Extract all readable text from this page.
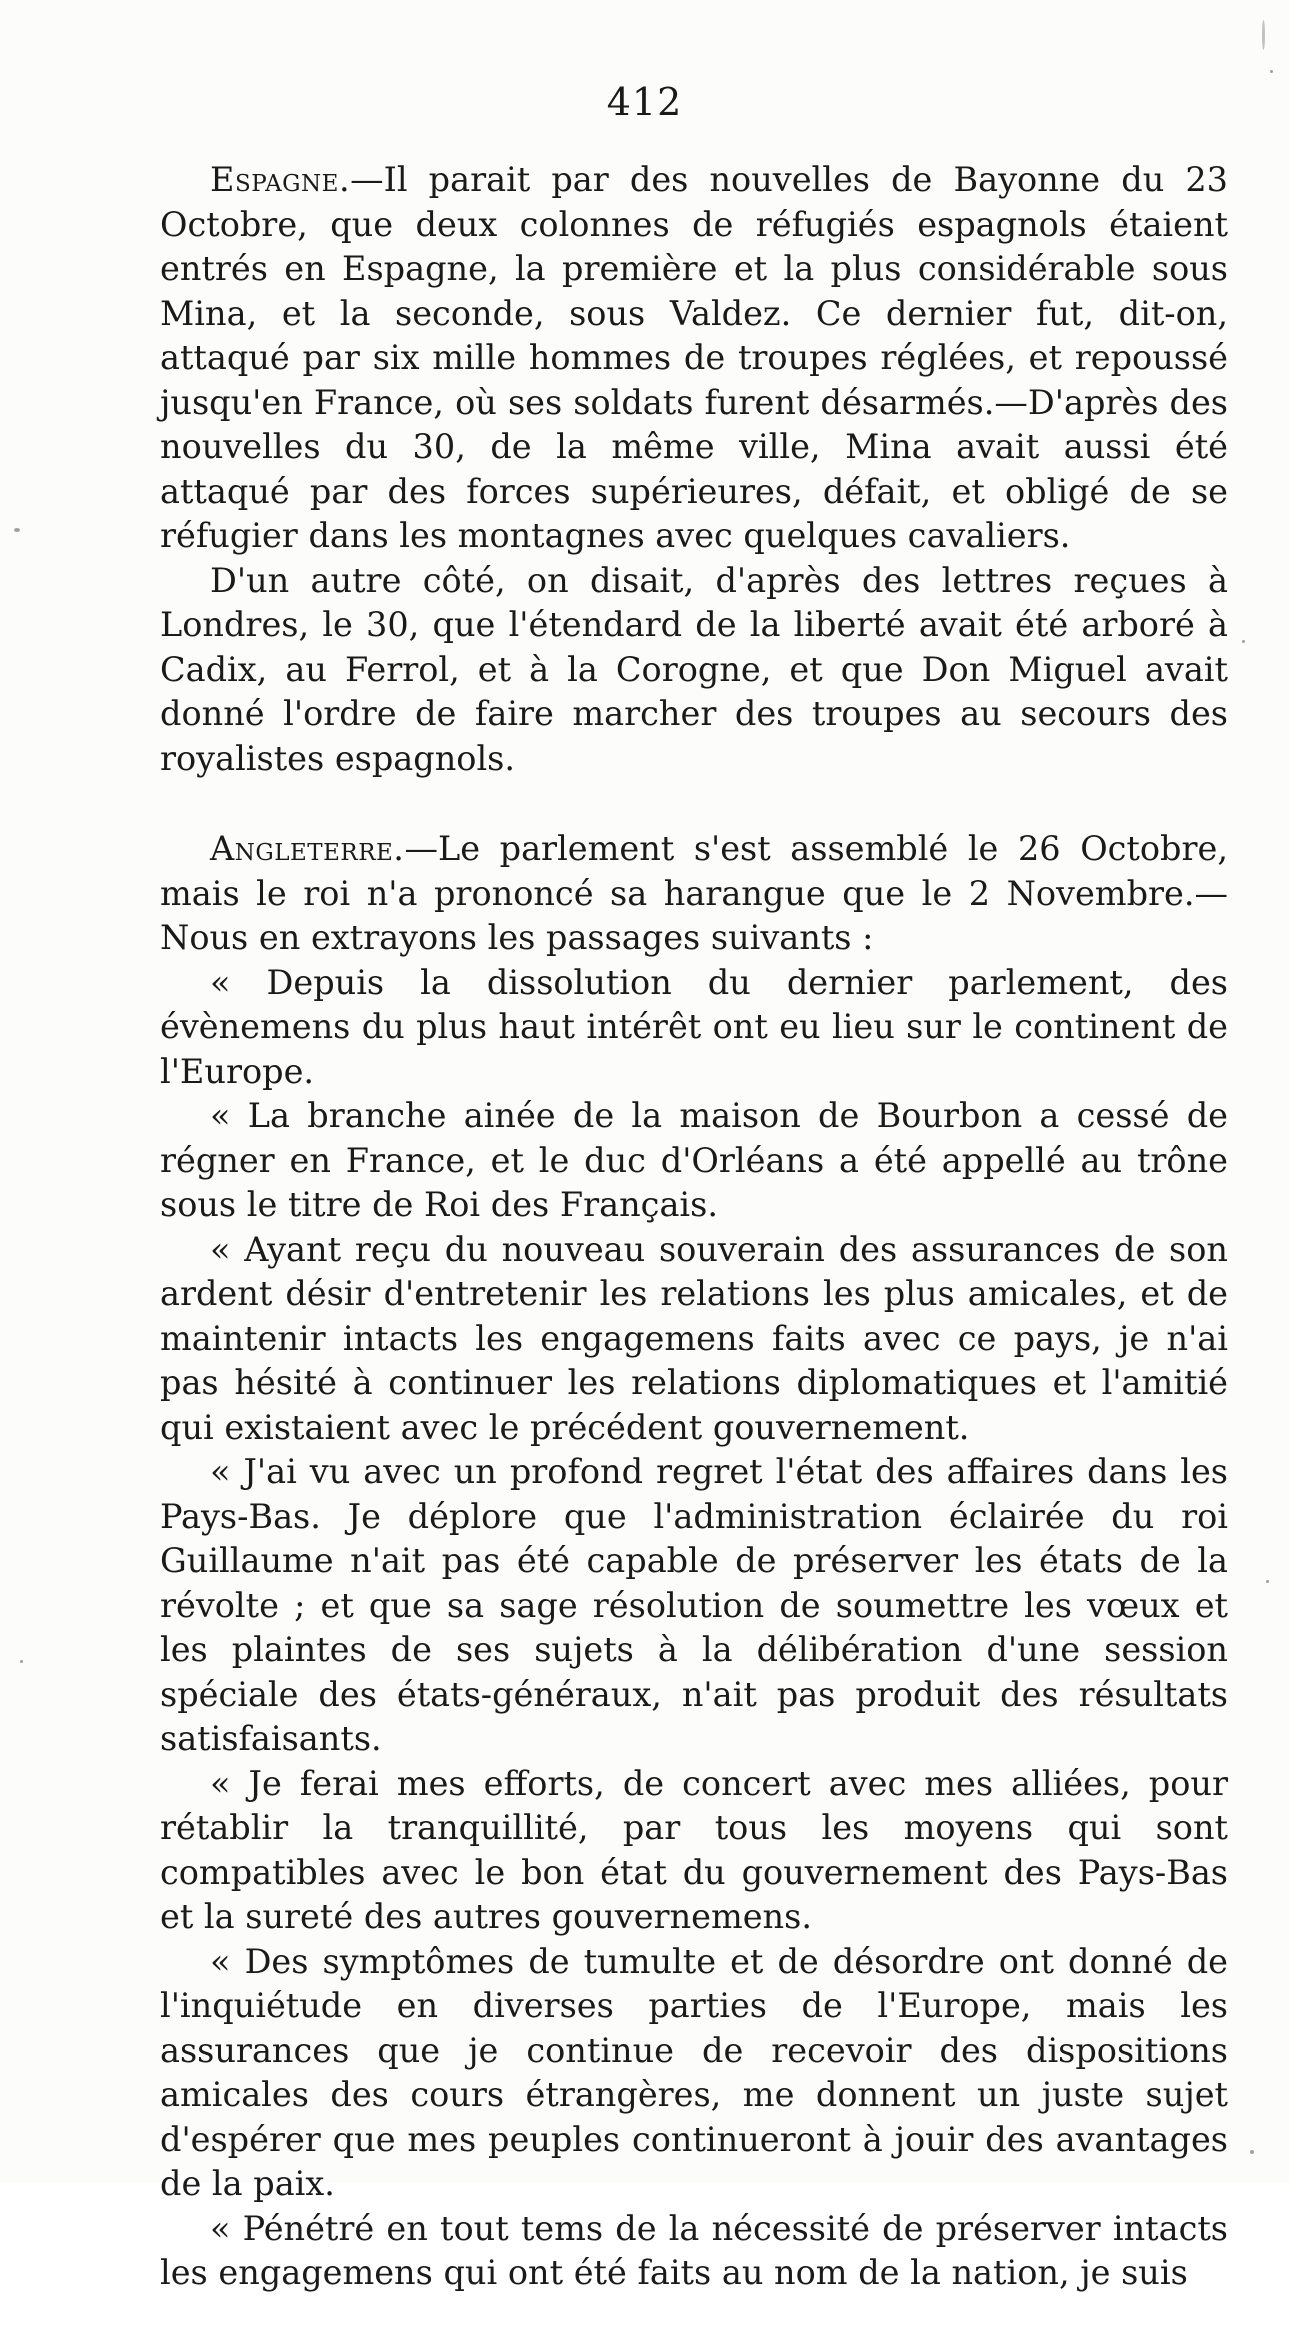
412

Espagne.—Il parait par des nouvelles de Bayonne du 23 Octobre, que deux colonnes de réfugiés espagnols étaient entrés en Espagne, la première et la plus considérable sous Mina, et la seconde, sous Valdez. Ce dernier fut, dit-on, attaqué par six mille hommes de troupes réglées, et repoussé jusqu'en France, où ses soldats furent désarmés.—D'après des nouvelles du 30, de la même ville, Mina avait aussi été attaqué par des forces supérieures, défait, et obligé de se réfugier dans les montagnes avec quelques cavaliers.

D'un autre côté, on disait, d'après des lettres reçues à Londres, le 30, que l'étendard de la liberté avait été arboré à Cadix, au Ferrol, et à la Corogne, et que Don Miguel avait donné l'ordre de faire marcher des troupes au secours des royalistes espagnols.

Angleterre.—Le parlement s'est assemblé le 26 Octobre, mais le roi n'a prononcé sa harangue que le 2 Novembre.—Nous en extrayons les passages suivants :

« Depuis la dissolution du dernier parlement, des évènemens du plus haut intérêt ont eu lieu sur le continent de l'Europe.

« La branche ainée de la maison de Bourbon a cessé de régner en France, et le duc d'Orléans a été appellé au trône sous le titre de Roi des Français.

« Ayant reçu du nouveau souverain des assurances de son ardent désir d'entretenir les relations les plus amicales, et de maintenir intacts les engagemens faits avec ce pays, je n'ai pas hésité à continuer les relations diplomatiques et l'amitié qui existaient avec le précédent gouvernement.

« J'ai vu avec un profond regret l'état des affaires dans les Pays-Bas. Je déplore que l'administration éclairée du roi Guillaume n'ait pas été capable de préserver les états de la révolte ; et que sa sage résolution de soumettre les vœux et les plaintes de ses sujets à la délibération d'une session spéciale des états-généraux, n'ait pas produit des résultats satisfaisants.

« Je ferai mes efforts, de concert avec mes alliées, pour rétablir la tranquillité, par tous les moyens qui sont compatibles avec le bon état du gouvernement des Pays-Bas et la sureté des autres gouvernemens.

« Des symptômes de tumulte et de désordre ont donné de l'inquiétude en diverses parties de l'Europe, mais les assurances que je continue de recevoir des dispositions amicales des cours étrangères, me donnent un juste sujet d'espérer que mes peuples continueront à jouir des avantages de la paix.

« Pénétré en tout tems de la nécessité de préserver intacts les engagemens qui ont été faits au nom de la nation, je suis
